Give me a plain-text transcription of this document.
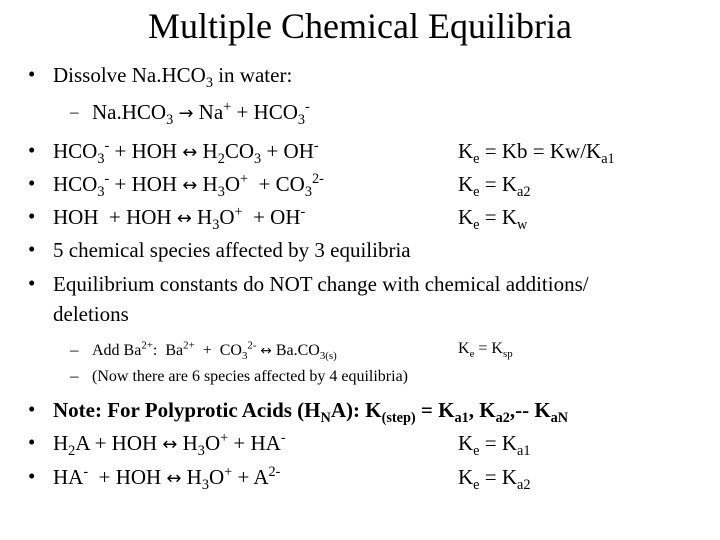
Multiple Chemical Equilibria
• Dissolve $Na.HCO_3$ in water:
– $Na.HCO_3 \to Na^+ + HCO_3^-$
• $HCO_3^-$ + HOH ↔ $H_2CO_3 + OH^-$	$K_e = Kb = Kw/K_{a1}$
• $HCO_3^-$ + HOH ↔ $H_3O^+ + CO_3^{2-}$	$K_e = K_{a2}$
• HOH  + HOH ↔ $H_3O^+ + OH^-$	$K_e = K_w$
• 5 chemical species affected by 3 equilibria
• Equilibrium constants do NOT change with chemical additions/
deletions
– Add $Ba^{2+}$:  $Ba^{2+} + CO_3^{2-}$ ↔ $Ba.CO_{3(s)}$	$K_e = K_{sp}$
– (Now there are 6 species affected by 4 equilibria)
• Note: For Polyprotic Acids $(H_NA)$: $K_{(step)} = K_{a1}$, $K_{a2},--$ $K_{aN}$
• $H_2A$ + HOH ↔ $H_3O^+ + HA^-$	$K_e = K_{a1}$
• HA-  + HOH ↔ $H_3O^+ + A^{2-}$	$K_e = K_{a2}$
